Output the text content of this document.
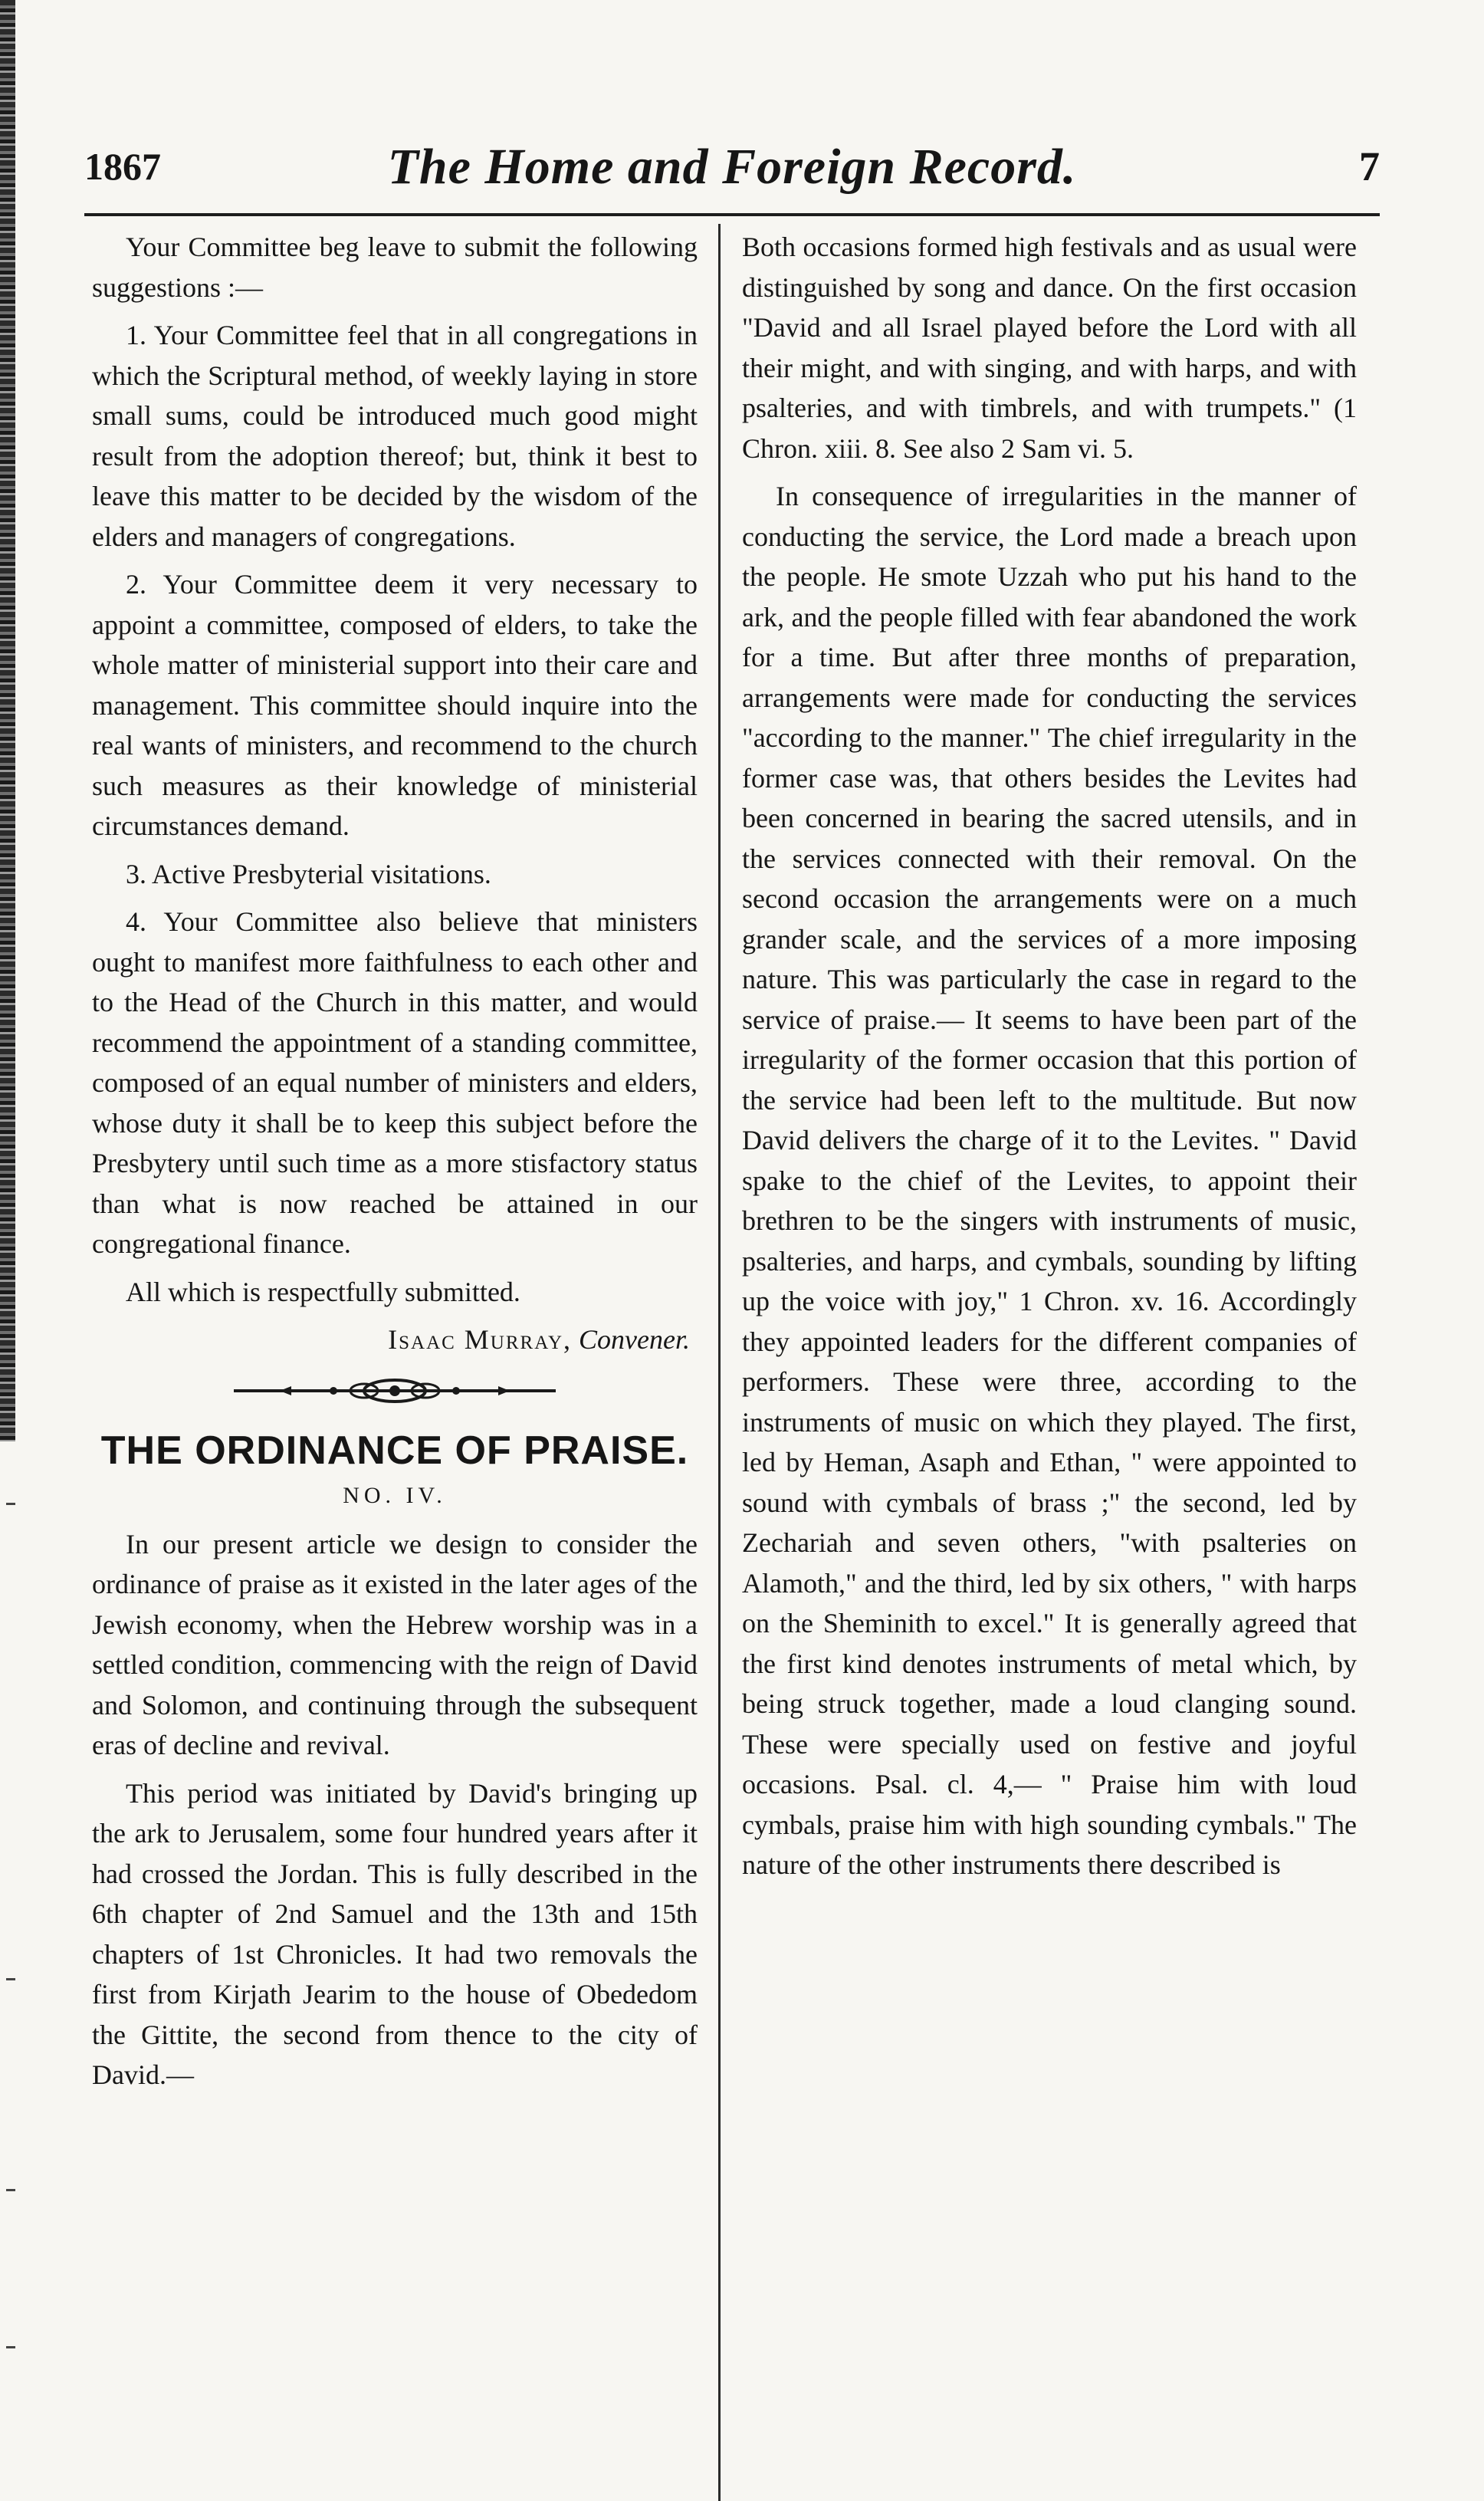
1867	The Home and Foreign Record.	7

Your Committee beg leave to submit the following suggestions :—

1. Your Committee feel that in all congregations in which the Scriptural method, of weekly laying in store small sums, could be introduced much good might result from the adoption thereof; but, think it best to leave this matter to be decided by the wisdom of the elders and managers of congregations.

2. Your Committee deem it very necessary to appoint a committee, composed of elders, to take the whole matter of ministerial support into their care and management. This committee should inquire into the real wants of ministers, and recommend to the church such measures as their knowledge of ministerial circumstances demand.

3. Active Presbyterial visitations.

4. Your Committee also believe that ministers ought to manifest more faithfulness to each other and to the Head of the Church in this matter, and would recommend the appointment of a standing committee, composed of an equal number of ministers and elders, whose duty it shall be to keep this subject before the Presbytery until such time as a more stisfactory status than what is now reached be attained in our congregational finance.

All which is respectfully submitted.

Isaac Murray, Convener.
THE ORDINANCE OF PRAISE.
NO. IV.

In our present article we design to consider the ordinance of praise as it existed in the later ages of the Jewish economy, when the Hebrew worship was in a settled condition, commencing with the reign of David and Solomon, and continuing through the subsequent eras of decline and revival.

This period was initiated by David's bringing up the ark to Jerusalem, some four hundred years after it had crossed the Jordan. This is fully described in the 6th chapter of 2nd Samuel and the 13th and 15th chapters of 1st Chronicles. It had two removals the first from Kirjath Jearim to the house of Obededom the Gittite, the second from thence to the city of David.—

Both occasions formed high festivals and as usual were distinguished by song and dance. On the first occasion "David and all Israel played before the Lord with all their might, and with singing, and with harps, and with psalteries, and with timbrels, and with trumpets." (1 Chron. xiii. 8. See also 2 Sam vi. 5.

In consequence of irregularities in the manner of conducting the service, the Lord made a breach upon the people. He smote Uzzah who put his hand to the ark, and the people filled with fear abandoned the work for a time. But after three months of preparation, arrangements were made for conducting the services "according to the manner." The chief irregularity in the former case was, that others besides the Levites had been concerned in bearing the sacred utensils, and in the services connected with their removal. On the second occasion the arrangements were on a much grander scale, and the services of a more imposing nature. This was particularly the case in regard to the service of praise.— It seems to have been part of the irregularity of the former occasion that this portion of the service had been left to the multitude. But now David delivers the charge of it to the Levites. " David spake to the chief of the Levites, to appoint their brethren to be the singers with instruments of music, psalteries, and harps, and cymbals, sounding by lifting up the voice with joy," 1 Chron. xv. 16. Accordingly they appointed leaders for the different companies of performers. These were three, according to the instruments of music on which they played. The first, led by Heman, Asaph and Ethan, " were appointed to sound with cymbals of brass ;" the second, led by Zechariah and seven others, "with psalteries on Alamoth," and the third, led by six others, " with harps on the Sheminith to excel." It is generally agreed that the first kind denotes instruments of metal which, by being struck together, made a loud clanging sound. These were specially used on festive and joyful occasions. Psal. cl. 4,— " Praise him with loud cymbals, praise him with high sounding cymbals." The nature of the other instruments there described is
